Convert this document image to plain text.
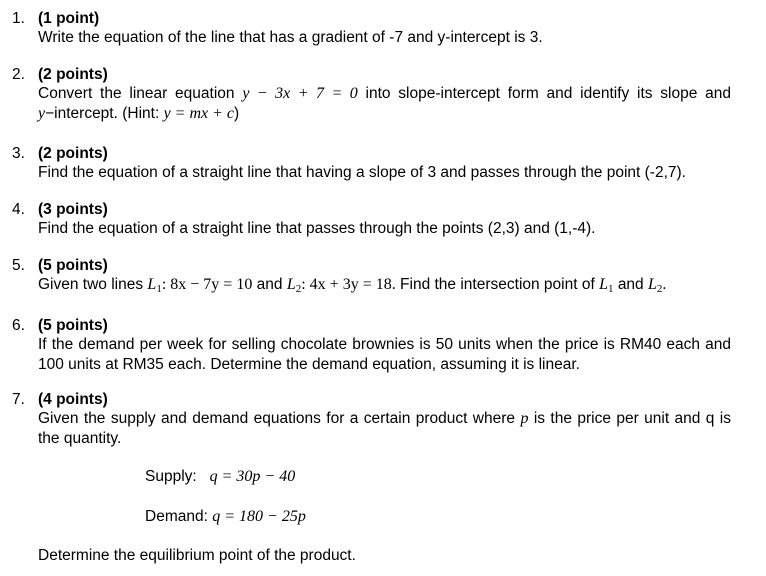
1. (1 point)
Write the equation of the line that has a gradient of -7 and y-intercept is 3.
2. (2 points)
Convert the linear equation y − 3x + 7 = 0 into slope-intercept form and identify its slope and y−intercept. (Hint: y = mx + c)
3. (2 points)
Find the equation of a straight line that having a slope of 3 and passes through the point (-2,7).
4. (3 points)
Find the equation of a straight line that passes through the points (2,3) and (1,-4).
5. (5 points)
Given two lines L1: 8x − 7y = 10 and L2: 4x + 3y = 18. Find the intersection point of L1 and L2.
6. (5 points)
If the demand per week for selling chocolate brownies is 50 units when the price is RM40 each and 100 units at RM35 each. Determine the demand equation, assuming it is linear.
7. (4 points)
Given the supply and demand equations for a certain product where p is the price per unit and q is the quantity.
Supply: q = 30p − 40
Demand: q = 180 − 25p
Determine the equilibrium point of the product.
